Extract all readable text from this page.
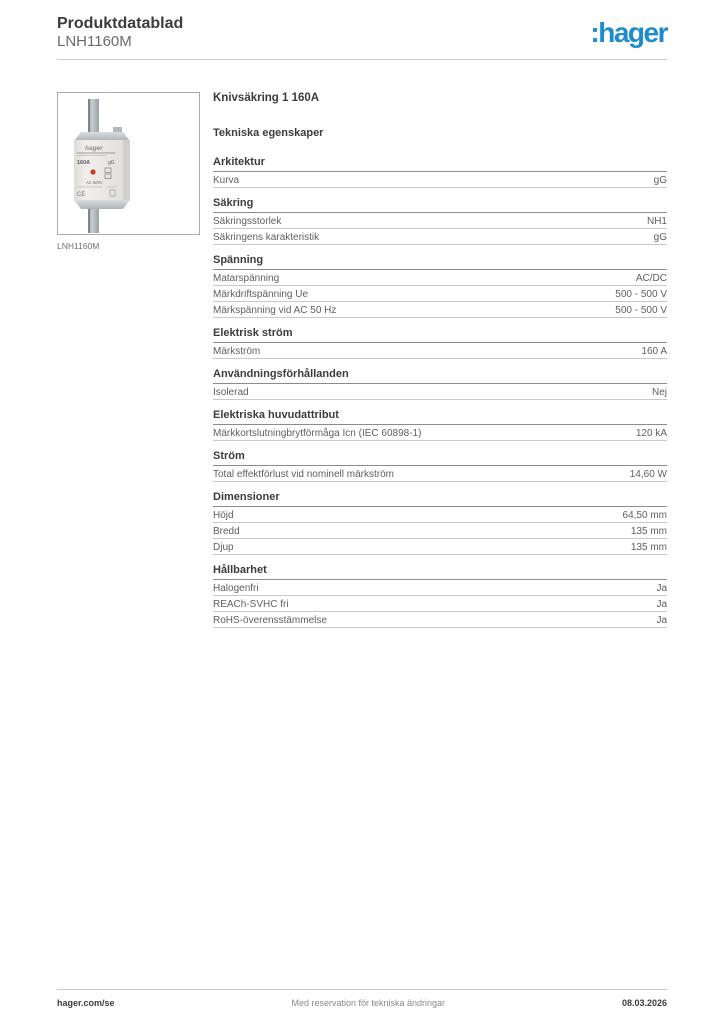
Produktdatablad
LNH1160M	:hager
hager
160A	gG
AC 500V
CE
LNH1160M
Knivsäkring 1 160A
Tekniska egenskaper
Arkitektur
Kurva	gG
Säkring
Säkringsstorlek	NH1
Säkringens karakteristik	gG
Spänning
Matarspänning	AC/DC
Märkdriftspänning Ue	500 - 500 V
Märkspänning vid AC 50 Hz	500 - 500 V
Elektrisk ström
Märkström	160 A
Användningsförhållanden
Isolerad	Nej
Elektriska huvudattribut
Märkkortslutningbrytförmåga Icn (IEC 60898-1)	120 kA
Ström
Total effektförlust vid nominell märkström	14,60 W
Dimensioner
Höjd	64,50 mm
Bredd	135 mm
Djup	135 mm
Hållbarhet
Halogenfri	Ja
REACh-SVHC fri	Ja
RoHS-överensstämmelse	Ja
hager.com/se	Med reservation för tekniska ändringar	08.03.2026
